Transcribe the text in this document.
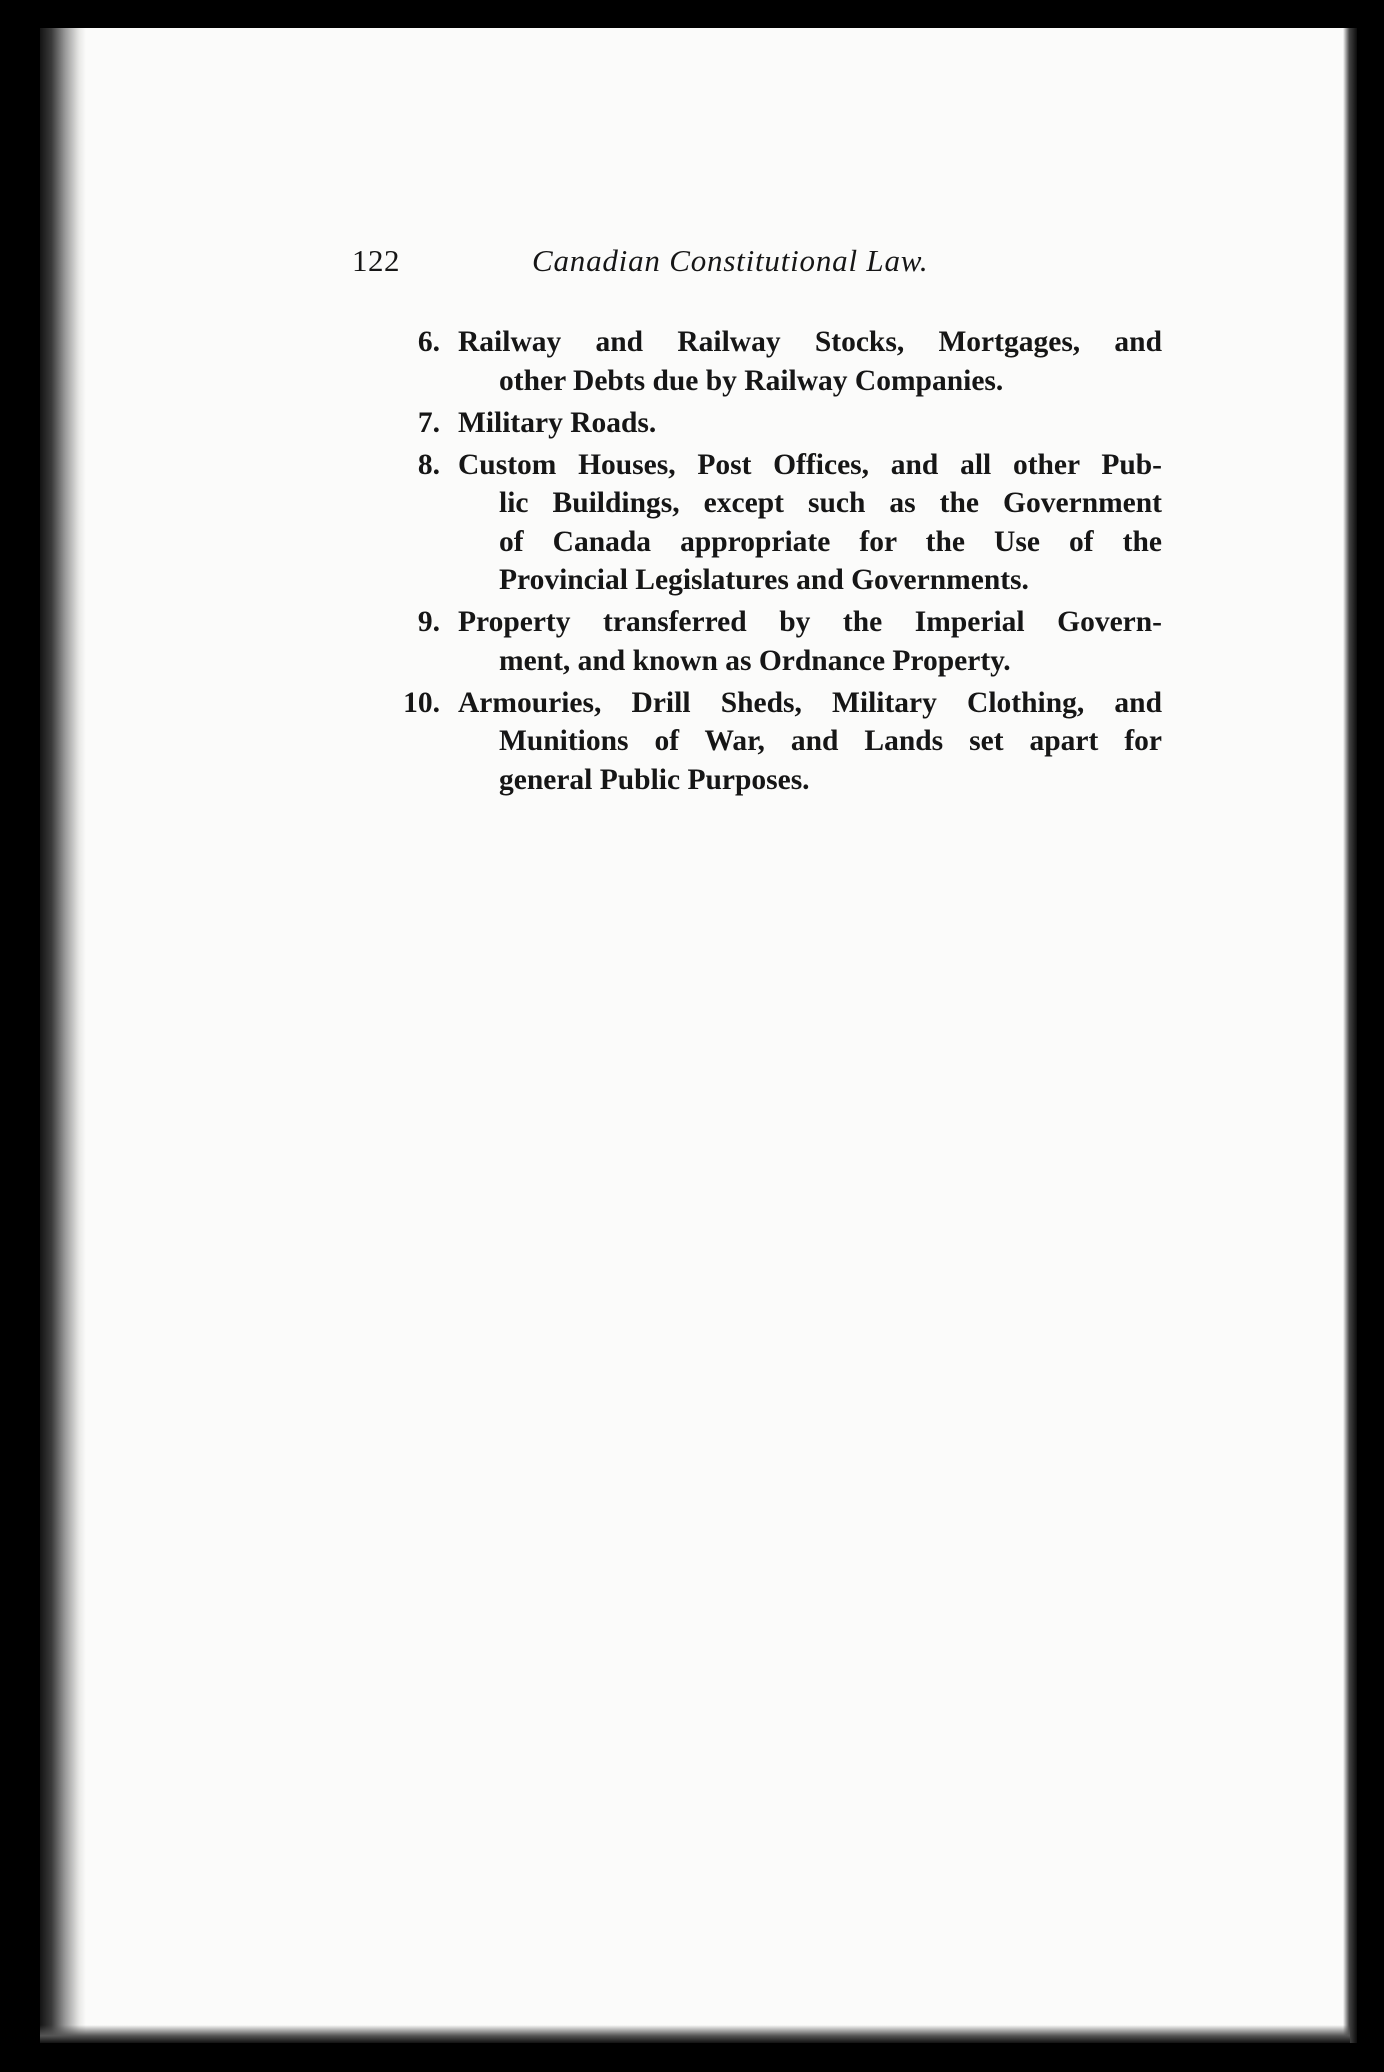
122	Canadian Constitutional Law.
6. Railway and Railway Stocks, Mortgages, and
other Debts due by Railway Companies.
7. Military Roads.
8. Custom Houses, Post Offices, and all other Pub-
lic Buildings, except such as the Government
of Canada appropriate for the Use of the
Provincial Legislatures and Governments.
9. Property transferred by the Imperial Govern-
ment, and known as Ordnance Property.
10. Armouries, Drill Sheds, Military Clothing, and
Munitions of War, and Lands set apart for
general Public Purposes.
